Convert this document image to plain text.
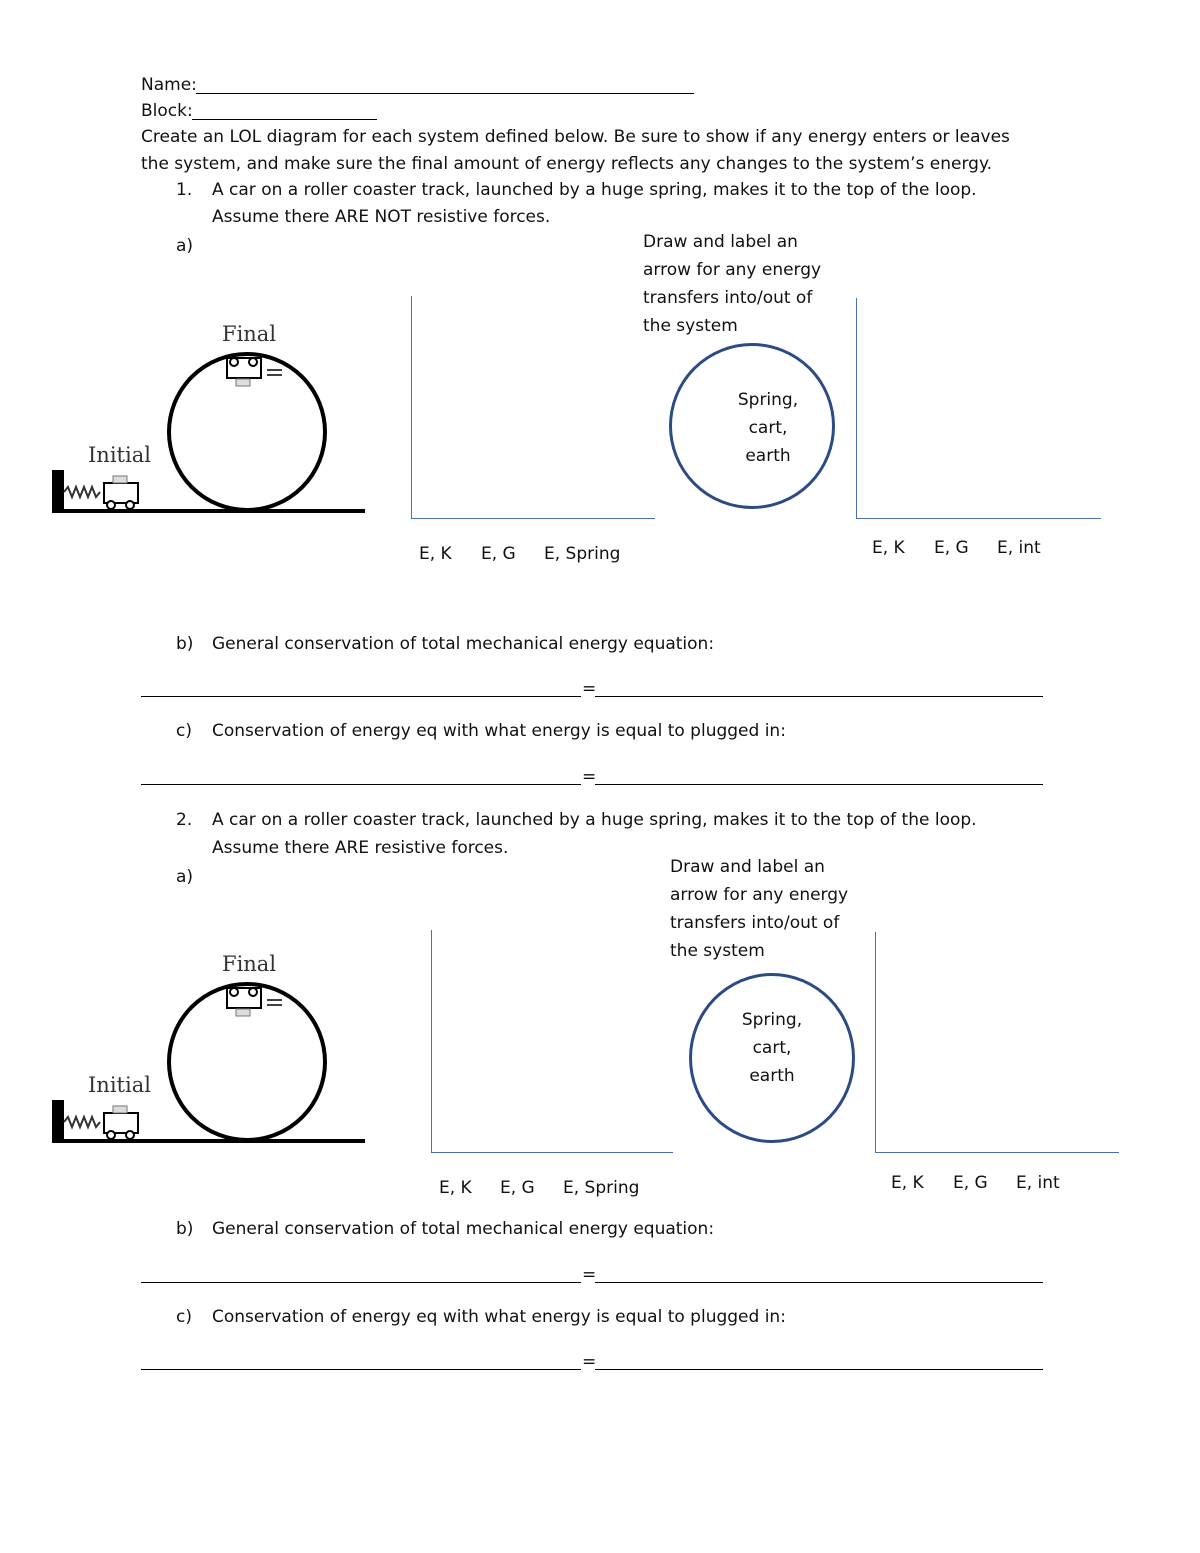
Name:
Block:
Create an LOL diagram for each system defined below. Be sure to show if any energy enters or leaves
the system, and make sure the final amount of energy reflects any changes to the system’s energy.
1. A car on a roller coaster track, launched by a huge spring, makes it to the top of the loop.
Assume there ARE NOT resistive forces.
a)
Final
Initial
E, K E, G E, Spring
Draw and label an
arrow for any energy
transfers into/out of
the system
Spring,
cart,
earth
E, K E, G E, int
b) General conservation of total mechanical energy equation:
=
c) Conservation of energy eq with what energy is equal to plugged in:
=
2. A car on a roller coaster track, launched by a huge spring, makes it to the top of the loop.
Assume there ARE resistive forces.
a)
Final
Initial
E, K E, G E, Spring
Draw and label an
arrow for any energy
transfers into/out of
the system
Spring,
cart,
earth
E, K E, G E, int
b) General conservation of total mechanical energy equation:
=
c) Conservation of energy eq with what energy is equal to plugged in:
=
